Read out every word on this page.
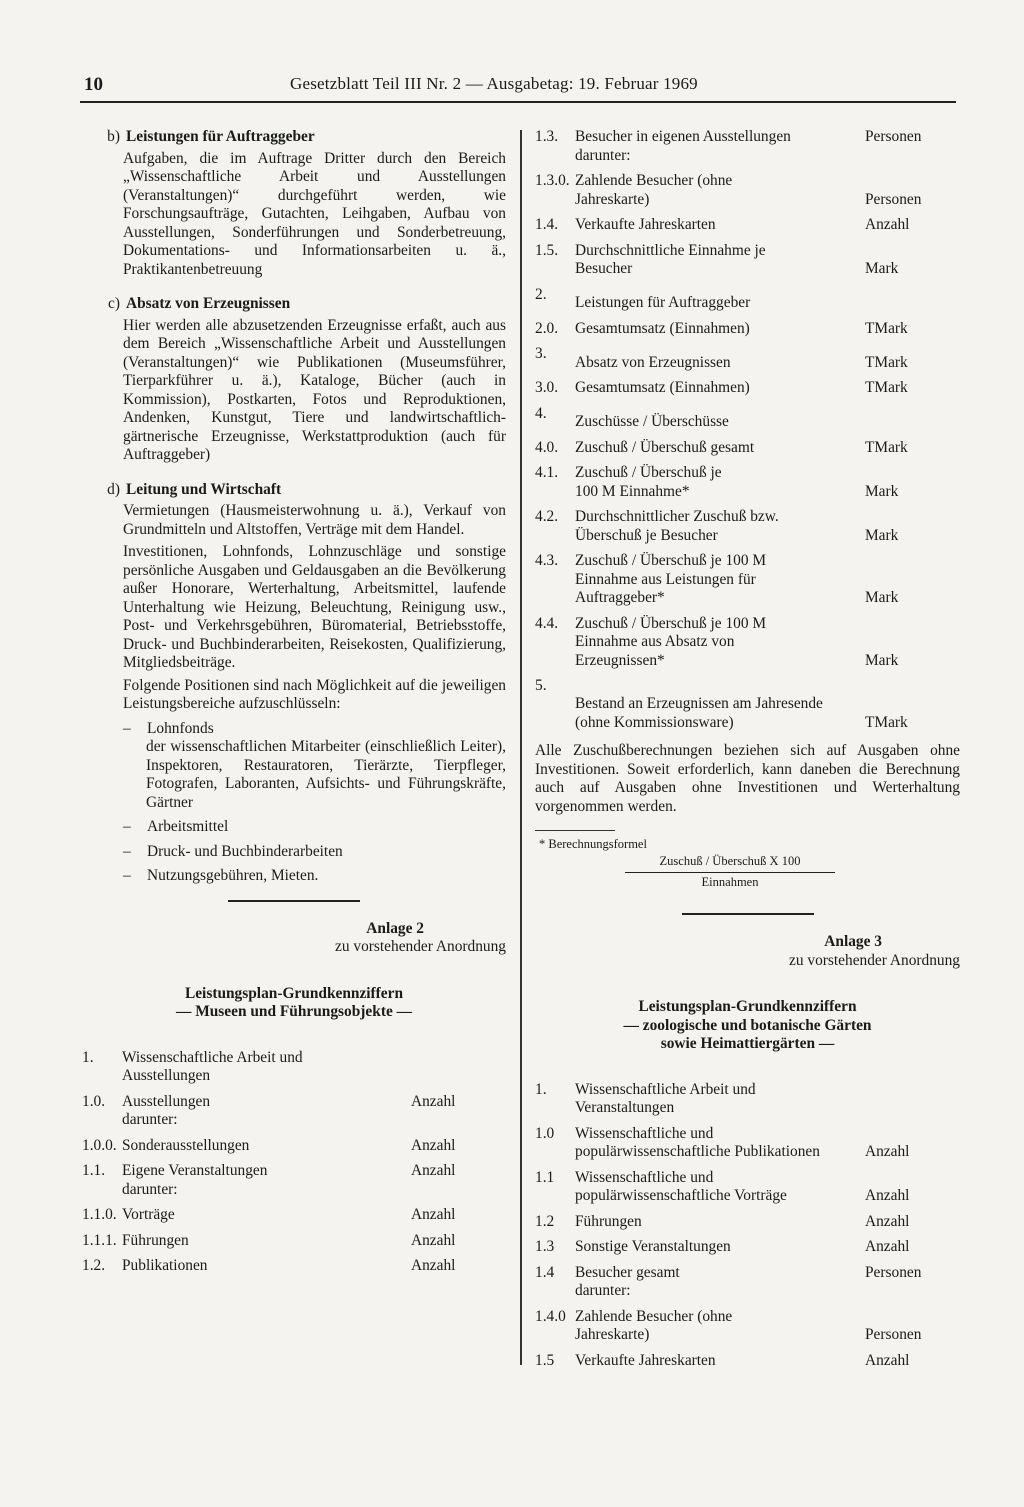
10	Gesetzblatt Teil III Nr. 2 — Ausgabetag: 19. Februar 1969
b) Leistungen für Auftraggeber
Aufgaben, die im Auftrage Dritter durch den Bereich „Wissenschaftliche Arbeit und Ausstellungen (Veranstaltungen)“ durchgeführt werden, wie Forschungsaufträge, Gutachten, Leihgaben, Aufbau von Ausstellungen, Sonderführungen und Sonderbetreuung, Dokumentations- und Informationsarbeiten u. ä., Praktikantenbetreuung
c) Absatz von Erzeugnissen
Hier werden alle abzusetzenden Erzeugnisse erfaßt, auch aus dem Bereich „Wissenschaftliche Arbeit und Ausstellungen (Veranstaltungen)“ wie Publikationen (Museumsführer, Tierparkführer u. ä.), Kataloge, Bücher (auch in Kommission), Postkarten, Fotos und Reproduktionen, Andenken, Kunstgut, Tiere und landwirtschaftlich-gärtnerische Erzeugnisse, Werkstattproduktion (auch für Auftraggeber)
d) Leitung und Wirtschaft
Vermietungen (Hausmeisterwohnung u. ä.), Verkauf von Grundmitteln und Altstoffen, Verträge mit dem Handel.
Investitionen, Lohnfonds, Lohnzuschläge und sonstige persönliche Ausgaben und Geldausgaben an die Bevölkerung außer Honorare, Werterhaltung, Arbeitsmittel, laufende Unterhaltung wie Heizung, Beleuchtung, Reinigung usw., Post- und Verkehrsgebühren, Büromaterial, Betriebsstoffe, Druck- und Buchbinderarbeiten, Reisekosten, Qualifizierung, Mitgliedsbeiträge.
Folgende Positionen sind nach Möglichkeit auf die jeweiligen Leistungsbereiche aufzuschlüsseln:
–	Lohnfonds
der wissenschaftlichen Mitarbeiter (einschließlich Leiter), Inspektoren, Restauratoren, Tierärzte, Tierpfleger, Fotografen, Laboranten, Aufsichts- und Führungskräfte, Gärtner
–	Arbeitsmittel
–	Druck- und Buchbinderarbeiten
–	Nutzungsgebühren, Mieten.
Anlage 2
zu vorstehender Anordnung
Leistungsplan-Grundkennziffern
— Museen und Führungsobjekte —
1.	Wissenschaftliche Arbeit und Ausstellungen	
1.0.	Ausstellungen	Anzahl
	darunter:	
1.0.0.	Sonderausstellungen	Anzahl
1.1.	Eigene Veranstaltungen	Anzahl
	darunter:	
1.1.0.	Vorträge	Anzahl
1.1.1.	Führungen	Anzahl
1.2.	Publikationen	Anzahl
1.3.	Besucher in eigenen Ausstellungen darunter:	Personen
1.3.0.	Zahlende Besucher (ohne Jahreskarte)	Personen
1.4.	Verkaufte Jahreskarten	Anzahl
1.5.	Durchschnittliche Einnahme je Besucher	Mark
2.	Leistungen für Auftraggeber	
2.0.	Gesamtumsatz (Einnahmen)	TMark
3.	Absatz von Erzeugnissen	TMark
3.0.	Gesamtumsatz (Einnahmen)	TMark
4.	Zuschüsse / Überschüsse	
4.0.	Zuschuß / Überschuß gesamt	TMark
4.1.	Zuschuß / Überschuß je 100 M Einnahme*	Mark
4.2.	Durchschnittlicher Zuschuß bzw. Überschuß je Besucher	Mark
4.3.	Zuschuß / Überschuß je 100 M Einnahme aus Leistungen für Auftraggeber*	Mark
4.4.	Zuschuß / Überschuß je 100 M Einnahme aus Absatz von Erzeugnissen*	Mark
5.	Bestand an Erzeugnissen am Jahresende (ohne Kommissionsware)	TMark
Alle Zuschußberechnungen beziehen sich auf Ausgaben ohne Investitionen. Soweit erforderlich, kann daneben die Berechnung auch auf Ausgaben ohne Investitionen und Werterhaltung vorgenommen werden.
* Berechnungsformel
Zuschuß / Überschuß X 100
Einnahmen
Anlage 3
zu vorstehender Anordnung
Leistungsplan-Grundkennziffern
— zoologische und botanische Gärten
sowie Heimattiergärten —
1.	Wissenschaftliche Arbeit und Veranstaltungen	
1.0	Wissenschaftliche und populärwissenschaftliche Publikationen	Anzahl
1.1	Wissenschaftliche und populärwissenschaftliche Vorträge	Anzahl
1.2	Führungen	Anzahl
1.3	Sonstige Veranstaltungen	Anzahl
1.4	Besucher gesamt	Personen
	darunter:	
1.4.0	Zahlende Besucher (ohne Jahreskarte)	Personen
1.5	Verkaufte Jahreskarten	Anzahl
